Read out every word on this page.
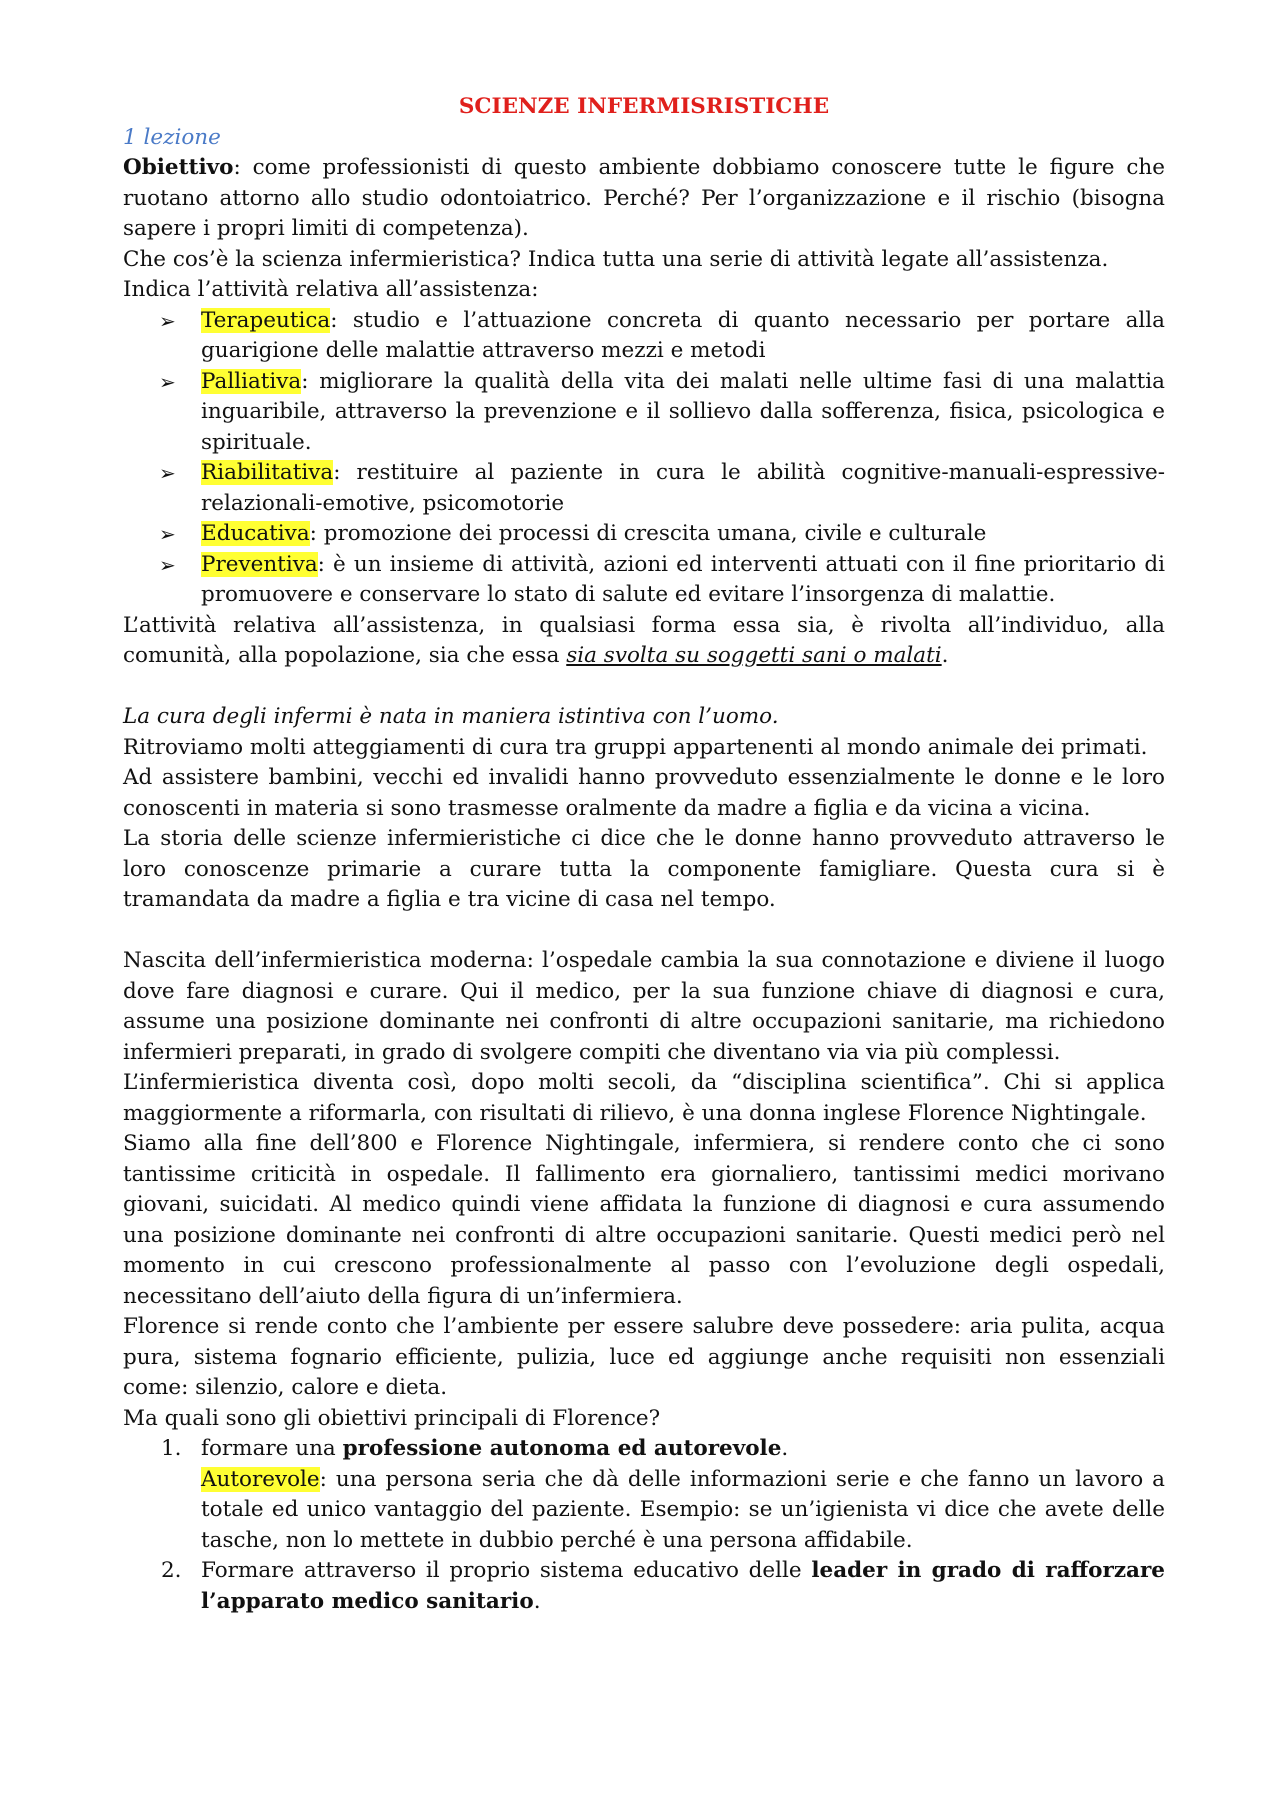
SCIENZE INFERMISRISTICHE

1 lezione

Obiettivo: come professionisti di questo ambiente dobbiamo conoscere tutte le figure che ruotano attorno allo studio odontoiatrico. Perché? Per l’organizzazione e il rischio (bisogna sapere i propri limiti di competenza).

Che cos’è la scienza infermieristica? Indica tutta una serie di attività legate all’assistenza.

Indica l’attività relativa all’assistenza:

➢ Terapeutica: studio e l’attuazione concreta di quanto necessario per portare alla guarigione delle malattie attraverso mezzi e metodi
➢ Palliativa: migliorare la qualità della vita dei malati nelle ultime fasi di una malattia inguaribile, attraverso la prevenzione e il sollievo dalla sofferenza, fisica, psicologica e spirituale.
➢ Riabilitativa: restituire al paziente in cura le abilità cognitive-manuali-espressive-relazionali-emotive, psicomotorie
➢ Educativa: promozione dei processi di crescita umana, civile e culturale
➢ Preventiva: è un insieme di attività, azioni ed interventi attuati con il fine prioritario di promuovere e conservare lo stato di salute ed evitare l’insorgenza di malattie.

L’attività relativa all’assistenza, in qualsiasi forma essa sia, è rivolta all’individuo, alla comunità, alla popolazione, sia che essa sia svolta su soggetti sani o malati.

La cura degli infermi è nata in maniera istintiva con l’uomo.

Ritroviamo molti atteggiamenti di cura tra gruppi appartenenti al mondo animale dei primati.

Ad assistere bambini, vecchi ed invalidi hanno provveduto essenzialmente le donne e le loro conoscenti in materia si sono trasmesse oralmente da madre a figlia e da vicina a vicina.

La storia delle scienze infermieristiche ci dice che le donne hanno provveduto attraverso le loro conoscenze primarie a curare tutta la componente famigliare. Questa cura si è tramandata da madre a figlia e tra vicine di casa nel tempo.

Nascita dell’infermieristica moderna: l’ospedale cambia la sua connotazione e diviene il luogo dove fare diagnosi e curare. Qui il medico, per la sua funzione chiave di diagnosi e cura, assume una posizione dominante nei confronti di altre occupazioni sanitarie, ma richiedono infermieri preparati, in grado di svolgere compiti che diventano via via più complessi.

L’infermieristica diventa così, dopo molti secoli, da “disciplina scientifica”. Chi si applica maggiormente a riformarla, con risultati di rilievo, è una donna inglese Florence Nightingale.

Siamo alla fine dell’800 e Florence Nightingale, infermiera, si rendere conto che ci sono tantissime criticità in ospedale. Il fallimento era giornaliero, tantissimi medici morivano giovani, suicidati. Al medico quindi viene affidata la funzione di diagnosi e cura assumendo una posizione dominante nei confronti di altre occupazioni sanitarie. Questi medici però nel momento in cui crescono professionalmente al passo con l’evoluzione degli ospedali, necessitano dell’aiuto della figura di un’infermiera.

Florence si rende conto che l’ambiente per essere salubre deve possedere: aria pulita, acqua pura, sistema fognario efficiente, pulizia, luce ed aggiunge anche requisiti non essenziali come: silenzio, calore e dieta.

Ma quali sono gli obiettivi principali di Florence?

1. formare una professione autonoma ed autorevole.
Autorevole: una persona seria che dà delle informazioni serie e che fanno un lavoro a totale ed unico vantaggio del paziente. Esempio: se un’igienista vi dice che avete delle tasche, non lo mettete in dubbio perché è una persona affidabile.
2. Formare attraverso il proprio sistema educativo delle leader in grado di rafforzare l’apparato medico sanitario.
